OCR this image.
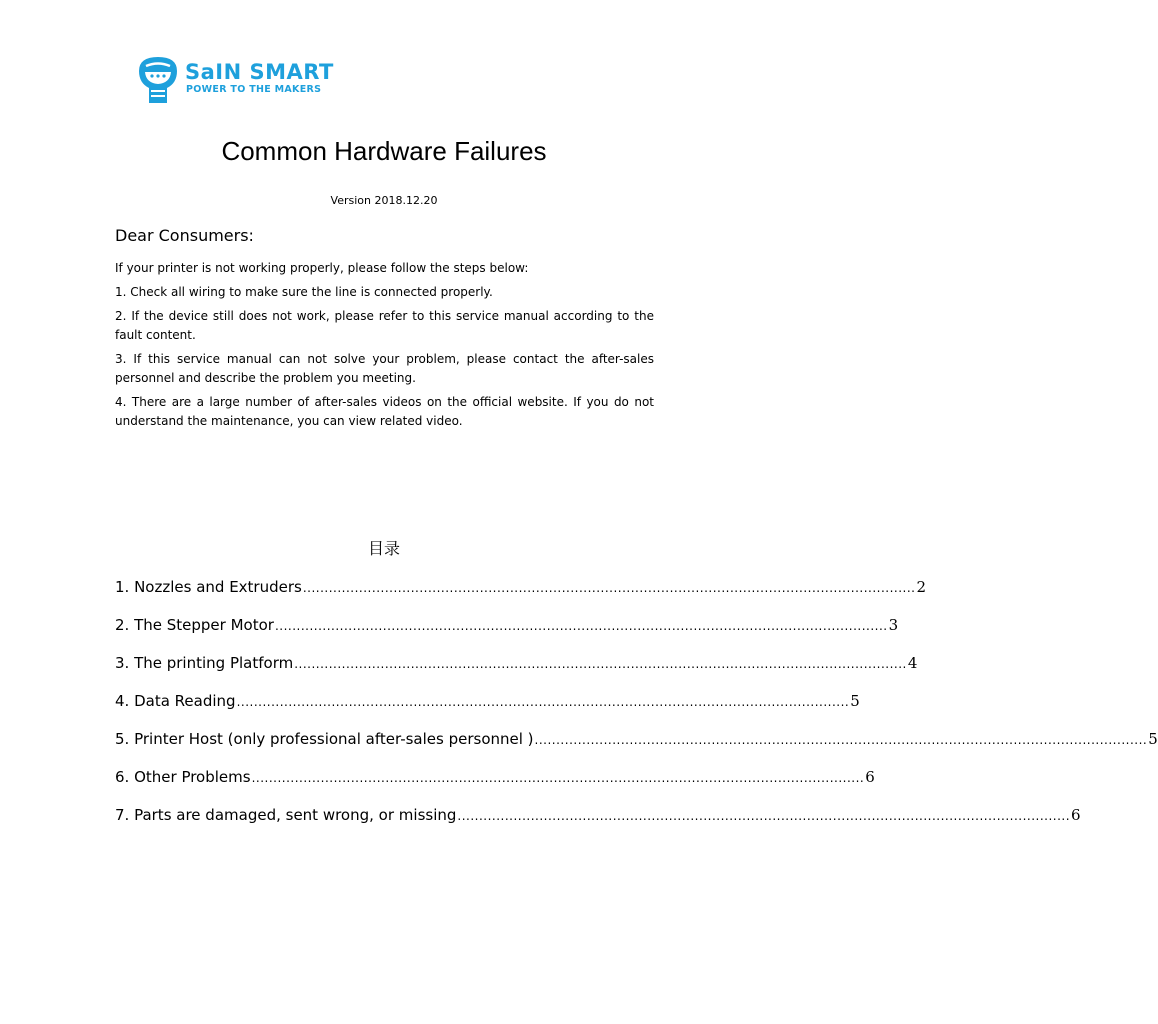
SaIN SMART
POWER TO THE MAKERS
Common Hardware Failures
Version 2018.12.20
Dear Consumers:

If your printer is not working properly, please follow the steps below:

1. Check all wiring to make sure the line is connected properly.

2. If the device still does not work, please refer to this service manual according to the fault content.

3. If this service manual can not solve your problem, please contact the after-sales personnel and describe the problem you meeting.

4. There are a large number of after-sales videos on the official website. If you do not understand the maintenance, you can view related video.

目录
1. Nozzles and Extruders .............................................................................................................................................. 2
2. The Stepper Motor .............................................................................................................................................. 3
3. The printing Platform .............................................................................................................................................. 4
4. Data Reading .............................................................................................................................................. 5
5. Printer Host (only professional after-sales personnel ) .............................................................................................................................................. 5
6. Other Problems .............................................................................................................................................. 6
7. Parts are damaged, sent wrong, or missing .............................................................................................................................................. 6
